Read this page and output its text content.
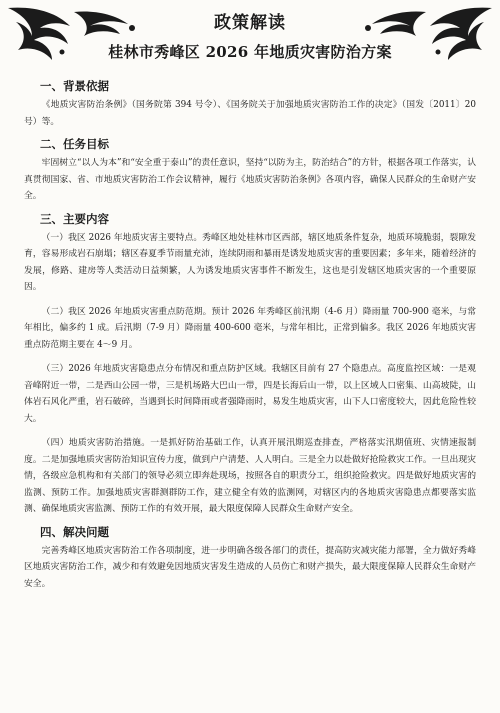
政策解读
桂林市秀峰区 2026 年地质灾害防治方案
一、背景依据

《地质灾害防治条例》（国务院第 394 号令）、《国务院关于加强地质灾害防治工作的决定》（国发〔2011〕20 号）等。

二、任务目标

牢固树立“以人为本”和“安全重于泰山”的责任意识，坚持“以防为主，防治结合”的方针，根据各项工作落实，认真贯彻国家、省、市地质灾害防治工作会议精神，履行《地质灾害防治条例》各项内容，确保人民群众的生命财产安全。

三、主要内容

（一）我区 2026 年地质灾害主要特点。秀峰区地处桂林市区西部，辖区地质条件复杂，地质环境脆弱，裂隙发育，容易形成岩石崩塌；辖区春夏季节雨量充沛，连续阴雨和暴雨是诱发地质灾害的重要因素；多年来，随着经济的发展，修路、建房等人类活动日益频繁，人为诱发地质灾害事件不断发生，这也是引发辖区地质灾害的一个重要原因。

（二）我区 2026 年地质灾害重点防范期。预计 2026 年秀峰区前汛期（4-6 月）降雨量 700-900 毫米，与常年相比，偏多约 1 成。后汛期（7-9 月）降雨量 400-600 毫米，与常年相比，正常到偏多。我区 2026 年地质灾害重点防范期主要在 4～9 月。

（三）2026 年地质灾害隐患点分布情况和重点防护区域。我辖区目前有 27 个隐患点。高度监控区域：一是观音峰附近一带，二是西山公园一带，三是机场路大巴山一带，四是长海后山一带，以上区域人口密集、山高坡陡，山体岩石风化严重，岩石破碎，当遇到长时间降雨或者强降雨时，易发生地质灾害，山下人口密度较大，因此危险性较大。

（四）地质灾害防治措施。一是抓好防治基础工作，认真开展汛期巡查排查，严格落实汛期值班、灾情速报制度。二是加强地质灾害防治知识宣传力度，做到户户清楚、人人明白。三是全力以赴做好抢险救灾工作。一旦出现灾情，各级应急机构和有关部门的领导必须立即奔赴现场，按照各自的职责分工，组织抢险救灾。四是做好地质灾害的监测、预防工作。加强地质灾害群测群防工作，建立健全有效的监测网，对辖区内的各地质灾害隐患点都要落实监测、确保地质灾害监测、预防工作的有效开展，最大限度保障人民群众生命财产安全。

四、解决问题

完善秀峰区地质灾害防治工作各项制度，进一步明确各级各部门的责任，提高防灾减灾能力部署，全力做好秀峰区地质灾害防治工作，减少和有效避免因地质灾害发生造成的人员伤亡和财产损失，最大限度保障人民群众生命财产安全。
